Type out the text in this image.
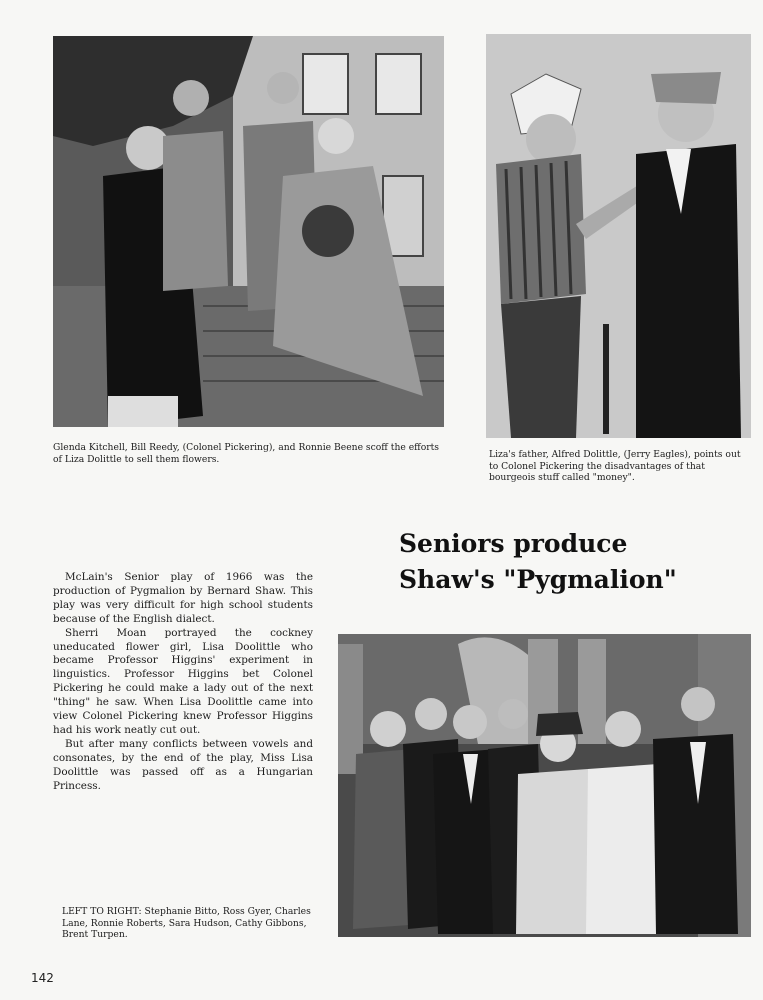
Glenda Kitchell, Bill Reedy, (Colonel Pickering), and Ronnie Beene scoff the efforts of Liza Dolittle to sell them flowers.	Liza's father, Alfred Dolittle, (Jerry Eagles), points out to Colonel Pickering the disadvantages of that bourgeois stuff called "money".
Seniors produce
Shaw's "Pygmalion"

McLain's Senior play of 1966 was the production of Pygmalion by Bernard Shaw. This play was very difficult for high school students because of the English dialect.

Sherri Moan portrayed the cockney uneducated flower girl, Lisa Doolittle who became Professor Higgins' experiment in linguistics. Professor Higgins bet Colonel Pickering he could make a lady out of the next "thing" he saw. When Lisa Doolittle came into view Colonel Pickering knew Professor Higgins had his work neatly cut out.

But after many conflicts between vowels and consonates, by the end of the play, Miss Lisa Doolittle was passed off as a Hungarian Princess.

LEFT TO RIGHT: Stephanie Bitto, Ross Gyer, Charles Lane, Ronnie Roberts, Sara Hudson, Cathy Gibbons, Brent Turpen.
142
